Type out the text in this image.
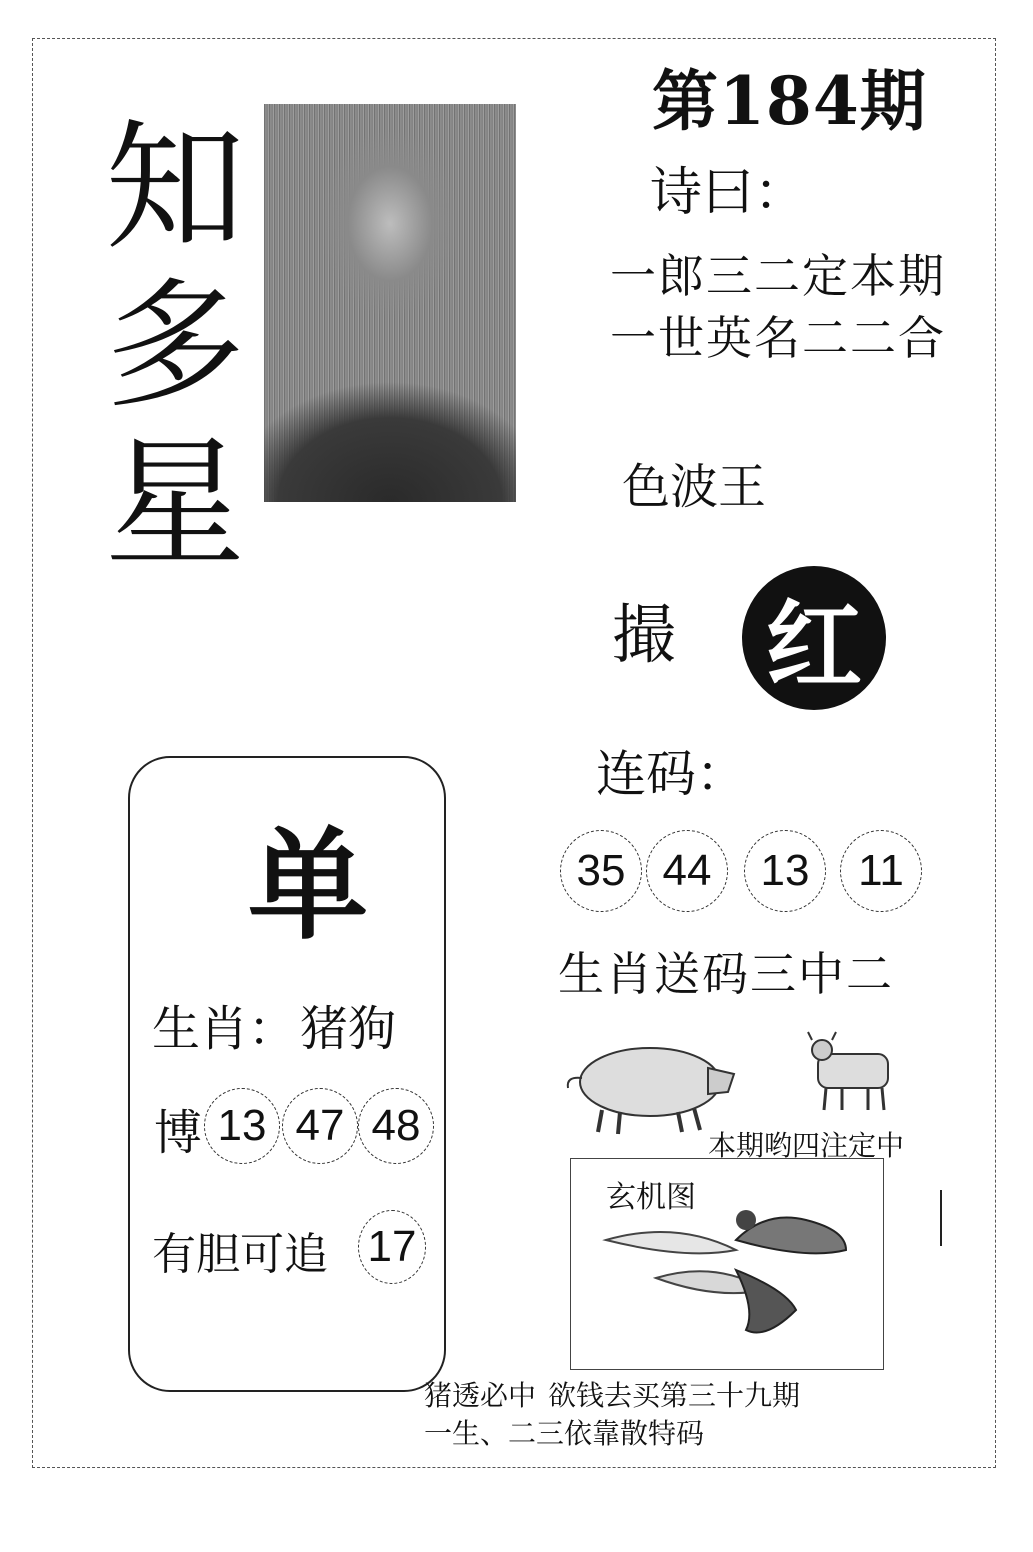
知
多
星
第184期
诗曰：
一郎三二定本期
一世英名二二合
色波王
撮 红
连码：
35 44	13	11
生肖送码三中二
本期哟四注定中
玄机图
单
生肖： 猪狗
博 13 47 48
有胆可追 17
猪透必中 欲钱去买第三十九期
一生、二三依靠散特码
